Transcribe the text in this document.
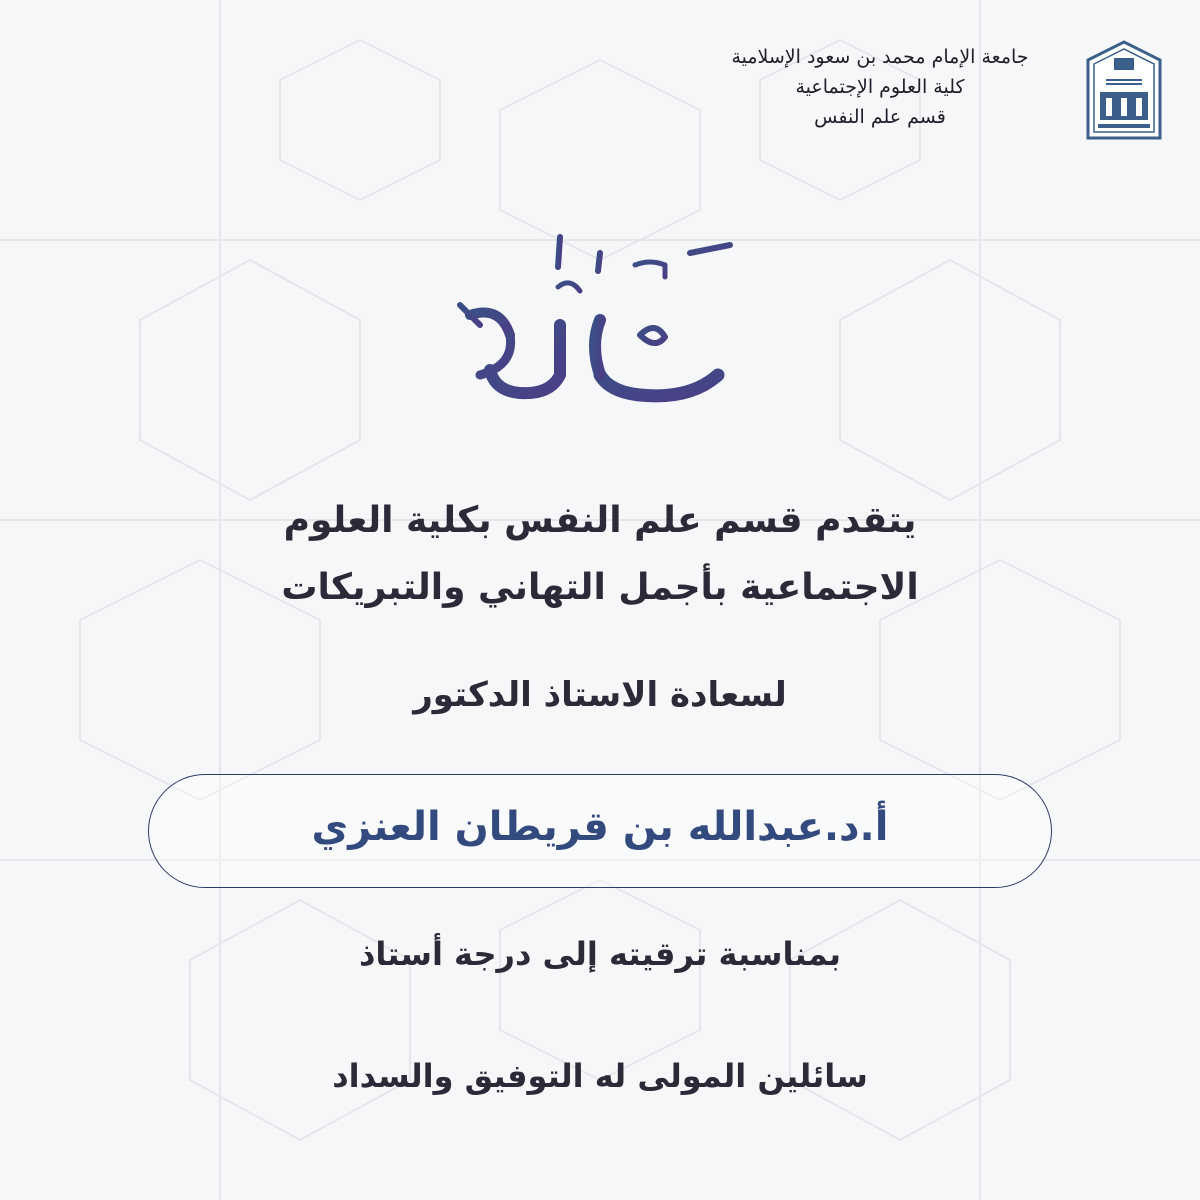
جامعة الإمام محمد بن سعود الإسلامية
كلية العلوم الإجتماعية
قسم علم النفس
يتقدم قسم علم النفس بكلية العلوم
الاجتماعية بأجمل التهاني والتبريكات
لسعادة الاستاذ الدكتور
أ.د.عبدالله بن قريطان العنزي
بمناسبة ترقيته إلى درجة أستاذ
سائلين المولى له التوفيق والسداد
